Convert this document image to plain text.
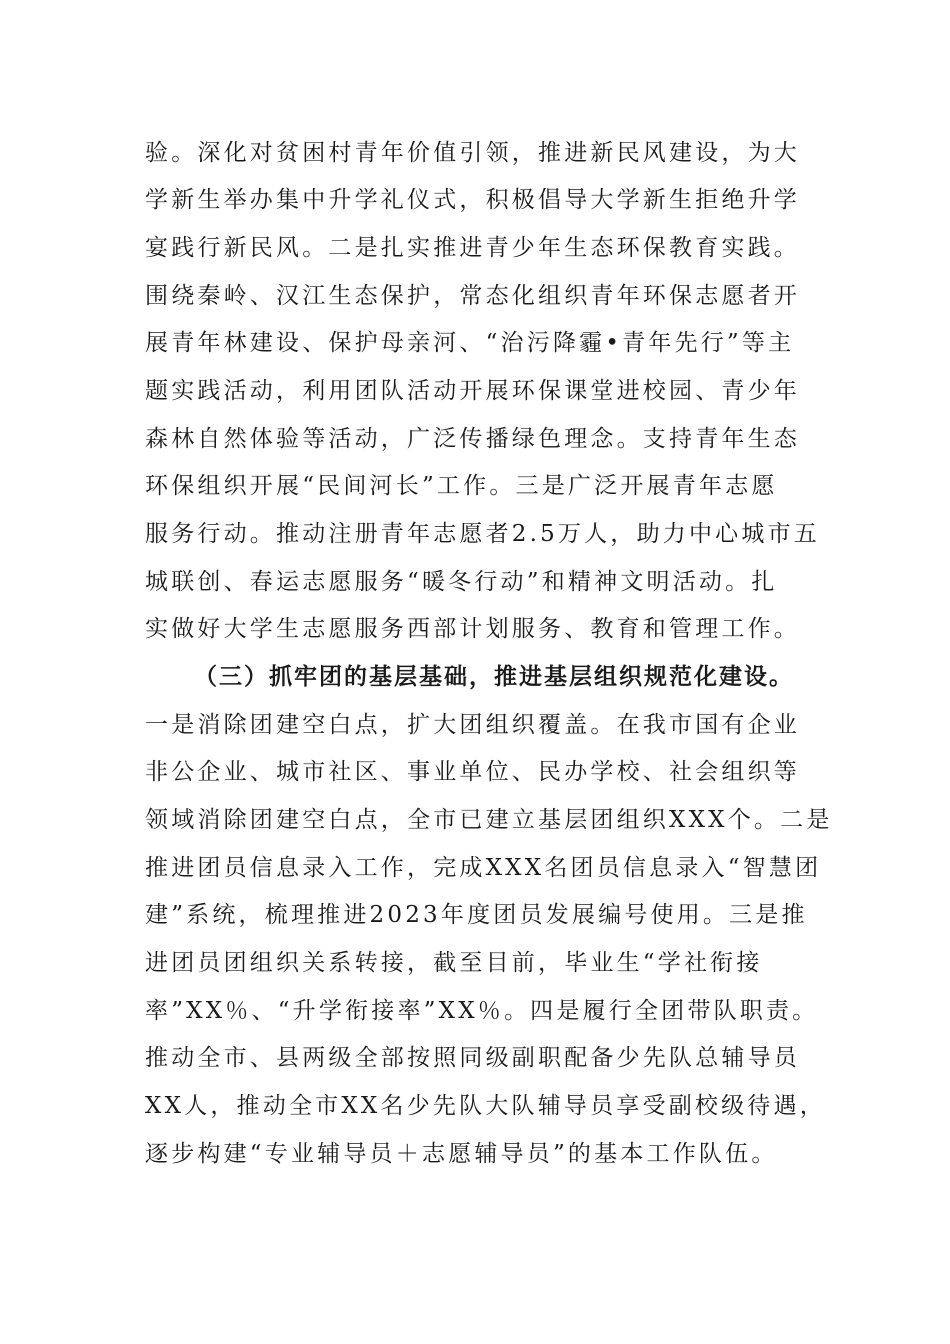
验。深化对贫困村青年价值引领，推进新民风建设，为大
学新生举办集中升学礼仪式，积极倡导大学新生拒绝升学
宴践行新民风。二是扎实推进青少年生态环保教育实践。
围绕秦岭、汉江生态保护，常态化组织青年环保志愿者开
展青年林建设、保护母亲河、“治污降霾•青年先行”等主
题实践活动，利用团队活动开展环保课堂进校园、青少年
森林自然体验等活动，广泛传播绿色理念。支持青年生态
环保组织开展“民间河长”工作。三是广泛开展青年志愿
服务行动。推动注册青年志愿者2.5万人，助力中心城市五
城联创、春运志愿服务“暖冬行动”和精神文明活动。扎
实做好大学生志愿服务西部计划服务、教育和管理工作。
（三）抓牢团的基层基础，推进基层组织规范化建设。
一是消除团建空白点，扩大团组织覆盖。在我市国有企业
非公企业、城市社区、事业单位、民办学校、社会组织等
领域消除团建空白点，全市已建立基层团组织XXX个。二是
推进团员信息录入工作，完成XXX名团员信息录入“智慧团
建”系统，梳理推进2023年度团员发展编号使用。三是推
进团员团组织关系转接，截至目前，毕业生“学社衔接
率”XX％、“升学衔接率”XX％。四是履行全团带队职责。
推动全市、县两级全部按照同级副职配备少先队总辅导员
XX人，推动全市XX名少先队大队辅导员享受副校级待遇，
逐步构建“专业辅导员＋志愿辅导员”的基本工作队伍。
